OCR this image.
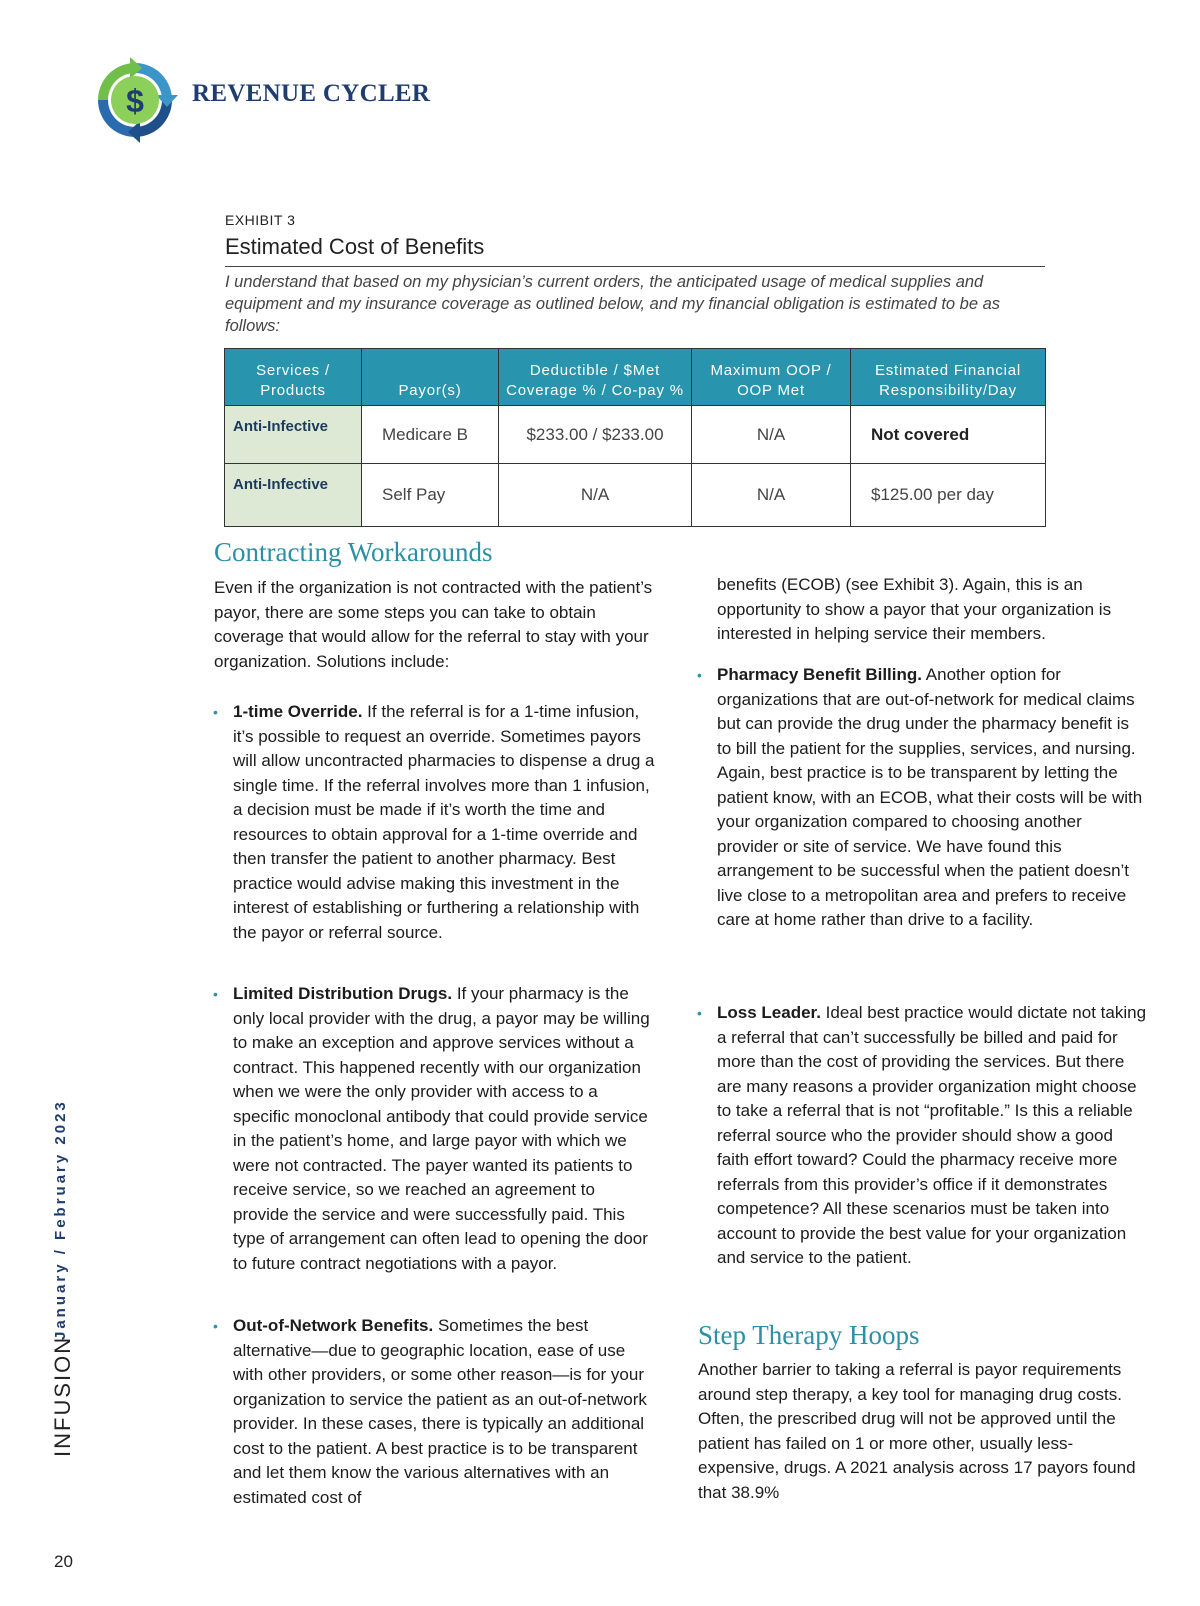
$ REVENUE CYCLER
EXHIBIT 3
Estimated Cost of Benefits
I understand that based on my physician’s current orders, the anticipated usage of medical supplies and equipment and my insurance coverage as outlined below, and my financial obligation is estimated to be as follows:
Services / Products	Payor(s)	Deductible / $Met Coverage % / Co-pay %	Maximum OOP / OOP Met	Estimated Financial Responsibility/Day
Anti-Infective	Medicare B	$233.00 / $233.00	N/A	Not covered
Anti-Infective	Self Pay	N/A	N/A	$125.00 per day
Contracting Workarounds

Even if the organization is not contracted with the patient’s payor, there are some steps you can take to obtain coverage that would allow for the referral to stay with your organization. Solutions include:

• 1-time Override. If the referral is for a 1-time infusion, it’s possible to request an override. Sometimes payors will allow uncontracted pharmacies to dispense a drug a single time. If the referral involves more than 1 infusion, a decision must be made if it’s worth the time and resources to obtain approval for a 1-time override and then transfer the patient to another pharmacy. Best practice would advise making this investment in the interest of establishing or furthering a relationship with the payor or referral source.
• Limited Distribution Drugs. If your pharmacy is the only local provider with the drug, a payor may be willing to make an exception and approve services without a contract. This happened recently with our organization when we were the only provider with access to a specific monoclonal antibody that could provide service in the patient’s home, and large payor with which we were not contracted. The payer wanted its patients to receive service, so we reached an agreement to provide the service and were successfully paid. This type of arrangement can often lead to opening the door to future contract negotiations with a payor.
• Out-of-Network Benefits. Sometimes the best alternative—due to geographic location, ease of use with other providers, or some other reason—is for your organization to service the patient as an out-of-network provider. In these cases, there is typically an additional cost to the patient. A best practice is to be transparent and let them know the various alternatives with an estimated cost of

benefits (ECOB) (see Exhibit 3). Again, this is an opportunity to show a payor that your organization is interested in helping service their members.

• Pharmacy Benefit Billing. Another option for organizations that are out-of-network for medical claims but can provide the drug under the pharmacy benefit is to bill the patient for the supplies, services, and nursing. Again, best practice is to be transparent by letting the patient know, with an ECOB, what their costs will be with your organization compared to choosing another provider or site of service. We have found this arrangement to be successful when the patient doesn’t live close to a metropolitan area and prefers to receive care at home rather than drive to a facility.
• Loss Leader. Ideal best practice would dictate not taking a referral that can’t successfully be billed and paid for more than the cost of providing the services. But there are many reasons a provider organization might choose to take a referral that is not “profitable.” Is this a reliable referral source who the provider should show a good faith effort toward? Could the pharmacy receive more referrals from this provider’s office if it demonstrates competence? All these scenarios must be taken into account to provide the best value for your organization and service to the patient.
Step Therapy Hoops

Another barrier to taking a referral is payor requirements around step therapy, a key tool for managing drug costs. Often, the prescribed drug will not be approved until the patient has failed on 1 or more other, usually less-expensive, drugs. A 2021 analysis across 17 payors found that 38.9%

January / February 2023
INFUSION
20
